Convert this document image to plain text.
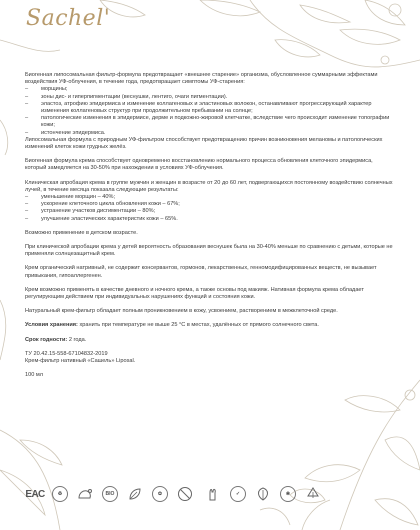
Sachel'

Биогенная липосомальная фильтр-формула предотвращает «внешнее старение» организма, обусловленное суммарными эффектами воздействия УФ-облучения, в течение года, предотвращает симптомы УФ-старения:

– морщины;
– зоны дис- и гиперпигментации (веснушки, лентиго, очаги пигментации).
– эластоз, атрофию эпидермиса и изменение коллагеновых и эластиновых волокон, останавливают прогрессирующий характер изменения коллагеновых структур при продолжительном пребывании на солнце;
– патологические изменения в эпидермисе, дерме и подкожно-жировой клетчатке, вследствие чего происходит изменение топографии кожи;
– истончение эпидермиса.

Липосомальная формула с природным УФ-фильтром способствует предотвращению причин возникновения меланомы и патологических изменений клеток кожи грудных желёз.

Биогенная формула крема способствует одновременно восстановлению нормального процесса обновления клеточного эпидермиса, который замедляется на 30-50% при нахождении в условиях УФ-облучения.

Клиническая апробация крема в группе мужчин и женщин в возрасте от 20 до 60 лет, подвергающихся постоянному воздействию солнечных лучей, в течение месяца показала следующие результаты:

– уменьшение морщин – 40%;
– ускорение клеточного цикла обновления кожи – 67%;
– устранение участков дисгиментации – 80%;
– улучшение эластических характеристик кожи – 65%.

Возможно применение в детском возрасте.

При клинической апробации крема у детей вероятность образования веснушек была на 30-40% меньше по сравнению с детьми, которые не применяли солнцезащитный крем.

Крем органический натривный, не содержит консервантов, гормонов, лекарственных, генномодифицированных веществ, не вызывает привыкания, гипоаллергенен.

Крем возможно применять в качестве дневного и ночного крема, а также основы под макияж. Нативная формула крема обладает регулирующим действием при индивидуальных нарушениях функций и состояния кожи.

Натуральный крем-фильтр обладает полным проникновением в кожу, усвоением, растворением в межклеточной среде.

Условия хранения: хранить при температуре не выше 25 °С в местах, удалённых от прямого солнечного света.

Срок годности: 2 года.

ТУ 20.42.15-558-67104832-2019

Крем-фильтр нативный «Сашель» Liposal.

100 мл

ЕАС	♻	BIO	✿	✓	❀
